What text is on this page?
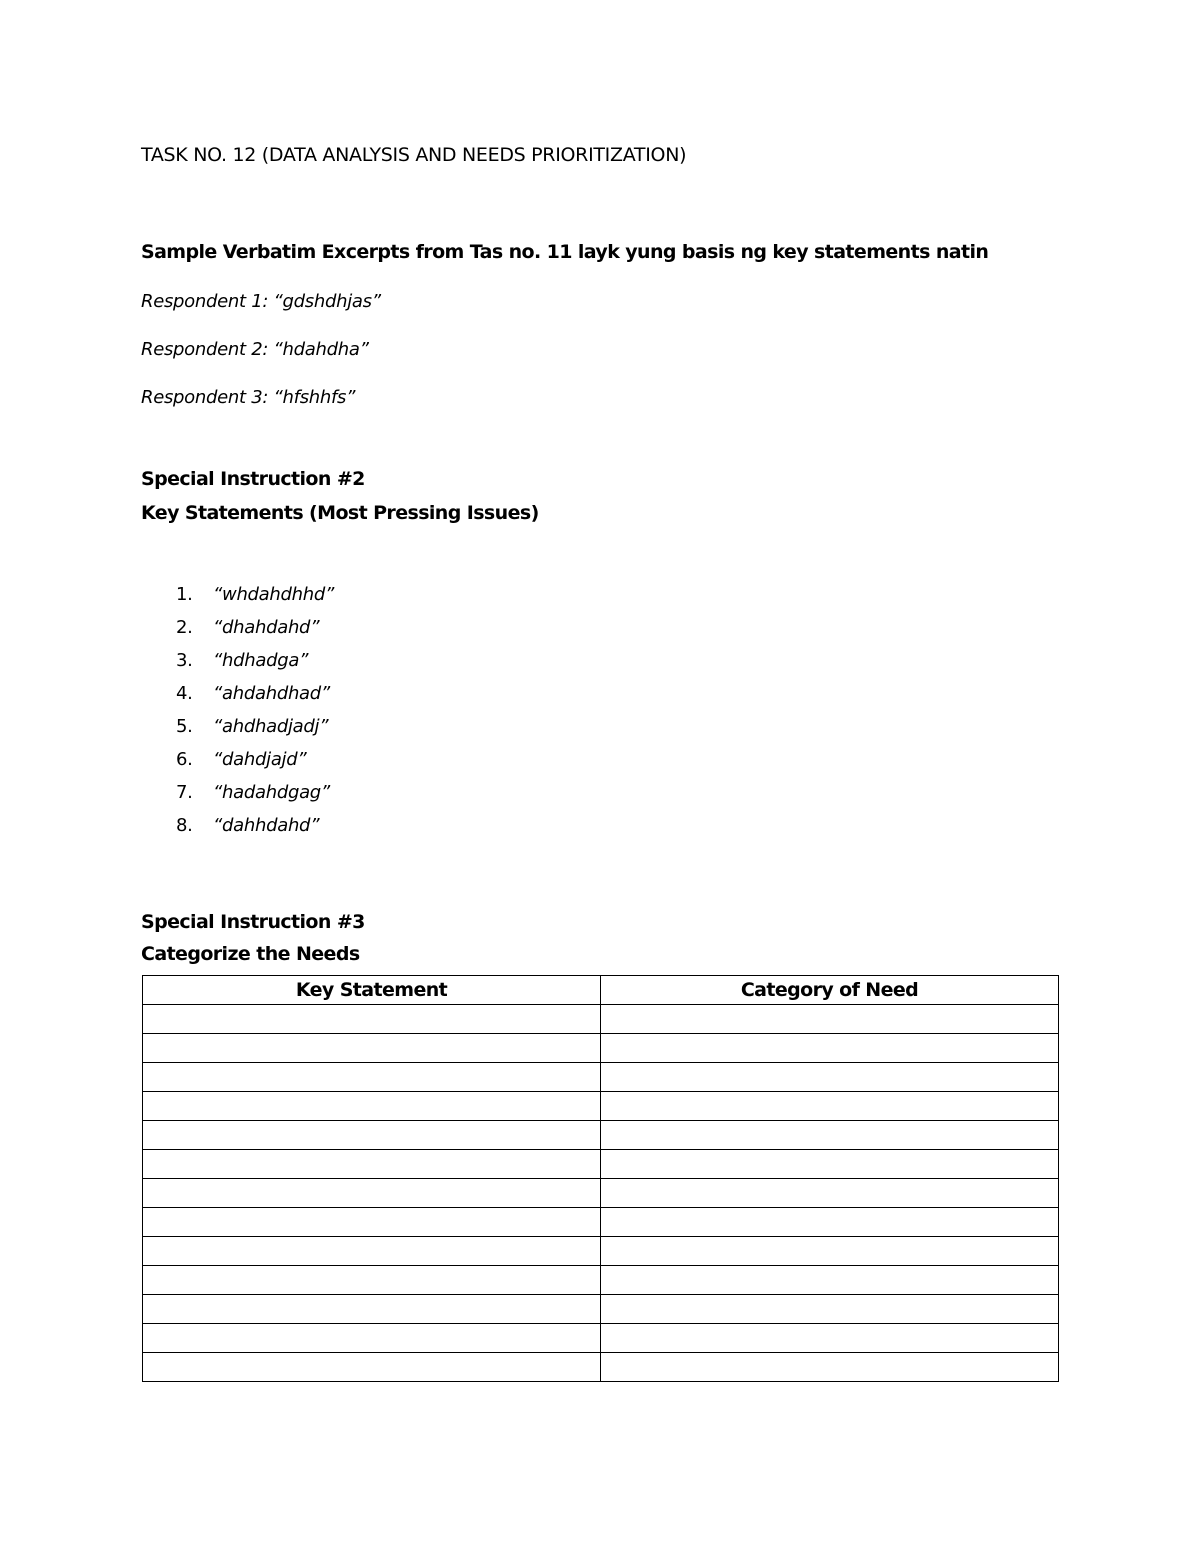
TASK NO. 12 (DATA ANALYSIS AND NEEDS PRIORITIZATION)

Sample Verbatim Excerpts from Tas no. 11 layk yung basis ng key statements natin

Respondent 1: “gdshdhjas”

Respondent 2: “hdahdha”

Respondent 3: “hfshhfs”

Special Instruction #2

Key Statements (Most Pressing Issues)

1. “whdahdhhd”
2. “dhahdahd”
3. “hdhadga”
4. “ahdahdhad”
5. “ahdhadjadj”
6. “dahdjajd”
7. “hadahdgag”
8. “dahhdahd”

Special Instruction #3

Categorize the Needs

Key Statement	Category of Need
